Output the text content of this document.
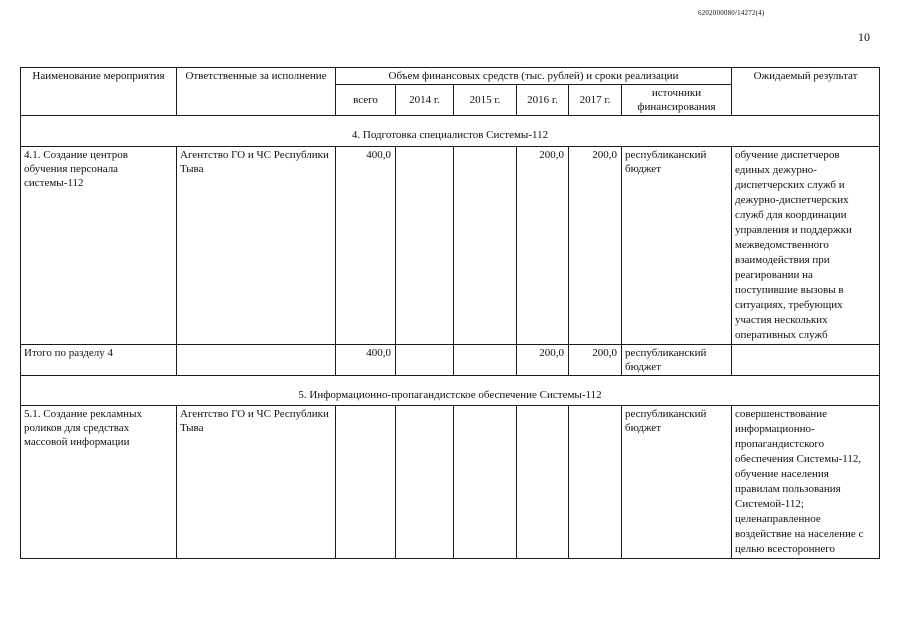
6202000080/14272(4)
10
Наименование мероприятия	Ответственные за исполнение	Объем финансовых средств (тыс. рублей) и сроки реализации						Ожидаемый результат
		всего	2014 г.	2015 г.	2016 г.	2017 г.	источники финансирования	
4. Подготовка специалистов Системы-112								
4.1. Создание центров обучения персонала системы-112	Агентство ГО и ЧС Республики Тыва	400,0			200,0	200,0	республиканский бюджет	обучение диспетчеров единых дежурно-диспетчерских служб и дежурно-диспетчерских служб для координации управления и поддержки межведомственного взаимодействия при реагировании на поступившие вызовы в ситуациях, требующих участия нескольких оперативных служб
Итого по разделу 4		400,0			200,0	200,0	республиканский бюджет	
5. Информационно-пропагандистское обеспечение Системы-112								
5.1. Создание рекламных роликов для средствах массовой информации	Агентство ГО и ЧС Республики Тыва						республиканский бюджет	совершенствование информационно-пропагандистского обеспечения Системы-112, обучение населения правилам пользования Системой-112; целенаправленное воздействие на население с целью всестороннего
